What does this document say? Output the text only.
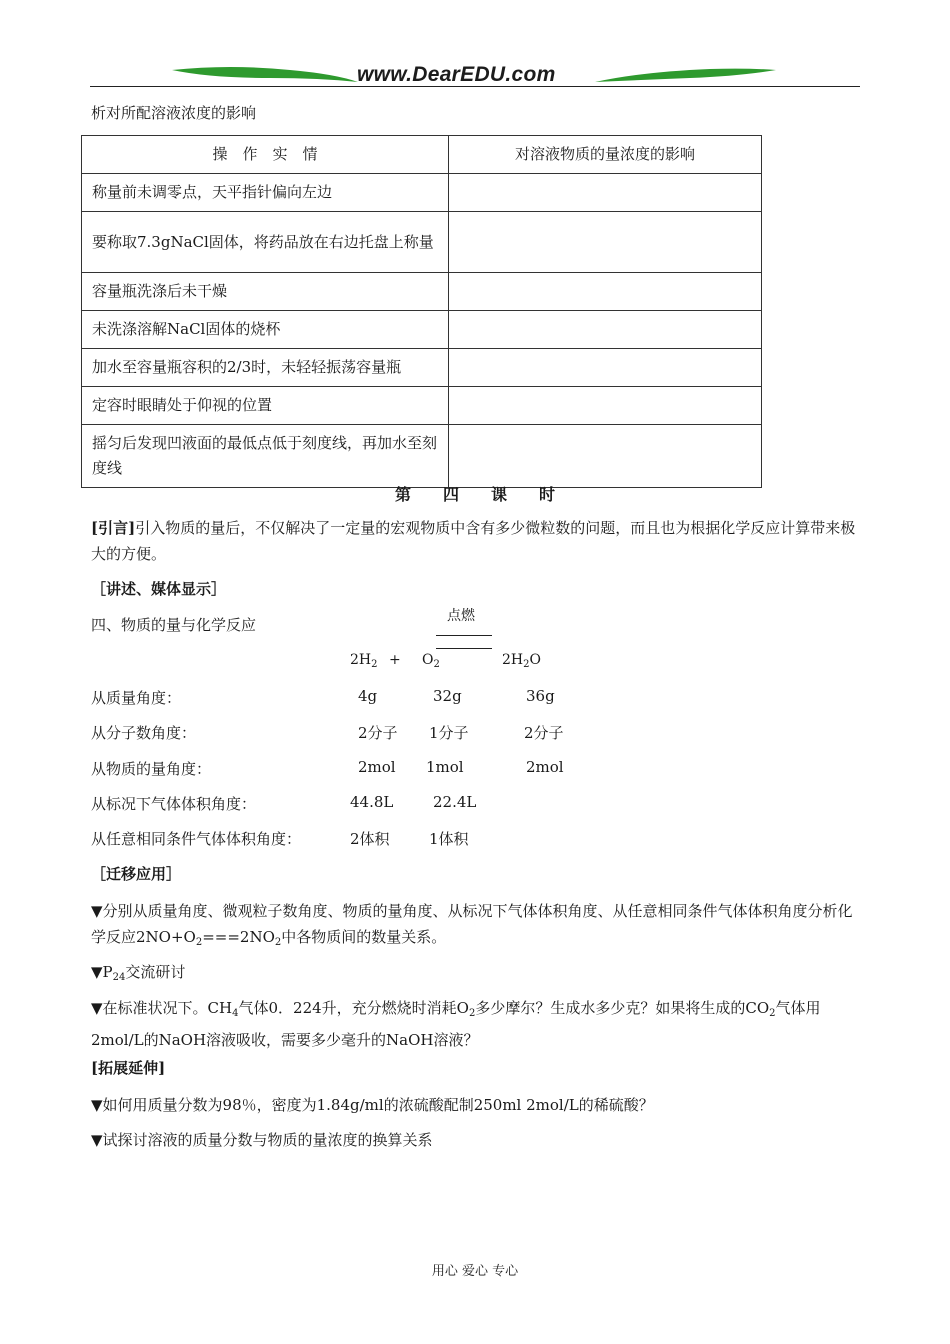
www.DearEDU.com
析对所配溶液浓度的影响
操　作　实　情	对溶液物质的量浓度的影响
称量前未调零点，天平指针偏向左边	
要称取7.3gNaCl固体，将药品放在右边托盘上称量	
容量瓶洗涤后未干燥	
未洗涤溶解NaCl固体的烧杯	
加水至容量瓶容积的2/3时，未轻轻振荡容量瓶	
定容时眼睛处于仰视的位置	
摇匀后发现凹液面的最低点低于刻度线，再加水至刻度线	
第　　四　　课　　时
[引言]引入物质的量后，不仅解决了一定量的宏观物质中含有多少微粒数的问题，而且也为根据化学反应计算带来极大的方便。
［讲述、媒体显示］
四、物质的量与化学反应	点燃
$2H_2 + O_2$	$2H_2O$
从质量角度：	4g	32g	36g
从分子数角度：	2分子 1分子	2分子
从物质的量角度：	2mol 1mol	2mol
从标况下气体体积角度：	44.8L	22.4L
从任意相同条件气体体积角度：	2体积	1体积
［迁移应用］
▼分别从质量角度、微观粒子数角度、物质的量角度、从标况下气体体积角度、从任意相同条件气体体积角度分析化学反应$2NO+O_2===2NO_2$中各物质间的数量关系。
$▼P_{24}$交流研讨
▼在标准状况下。$CH_4$气体0．224升，充分燃烧时消耗$O_2$多少摩尔？生成水多少克？如果将生成的$CO_2$气体用2mol/L的NaOH溶液吸收，需要多少毫升的NaOH溶液？
[拓展延伸]
▼如何用质量分数为98％，密度为1.84g/ml的浓硫酸配制250ml 2mol/L的稀硫酸？
▼试探讨溶液的质量分数与物质的量浓度的换算关系
用心 爱心 专心
